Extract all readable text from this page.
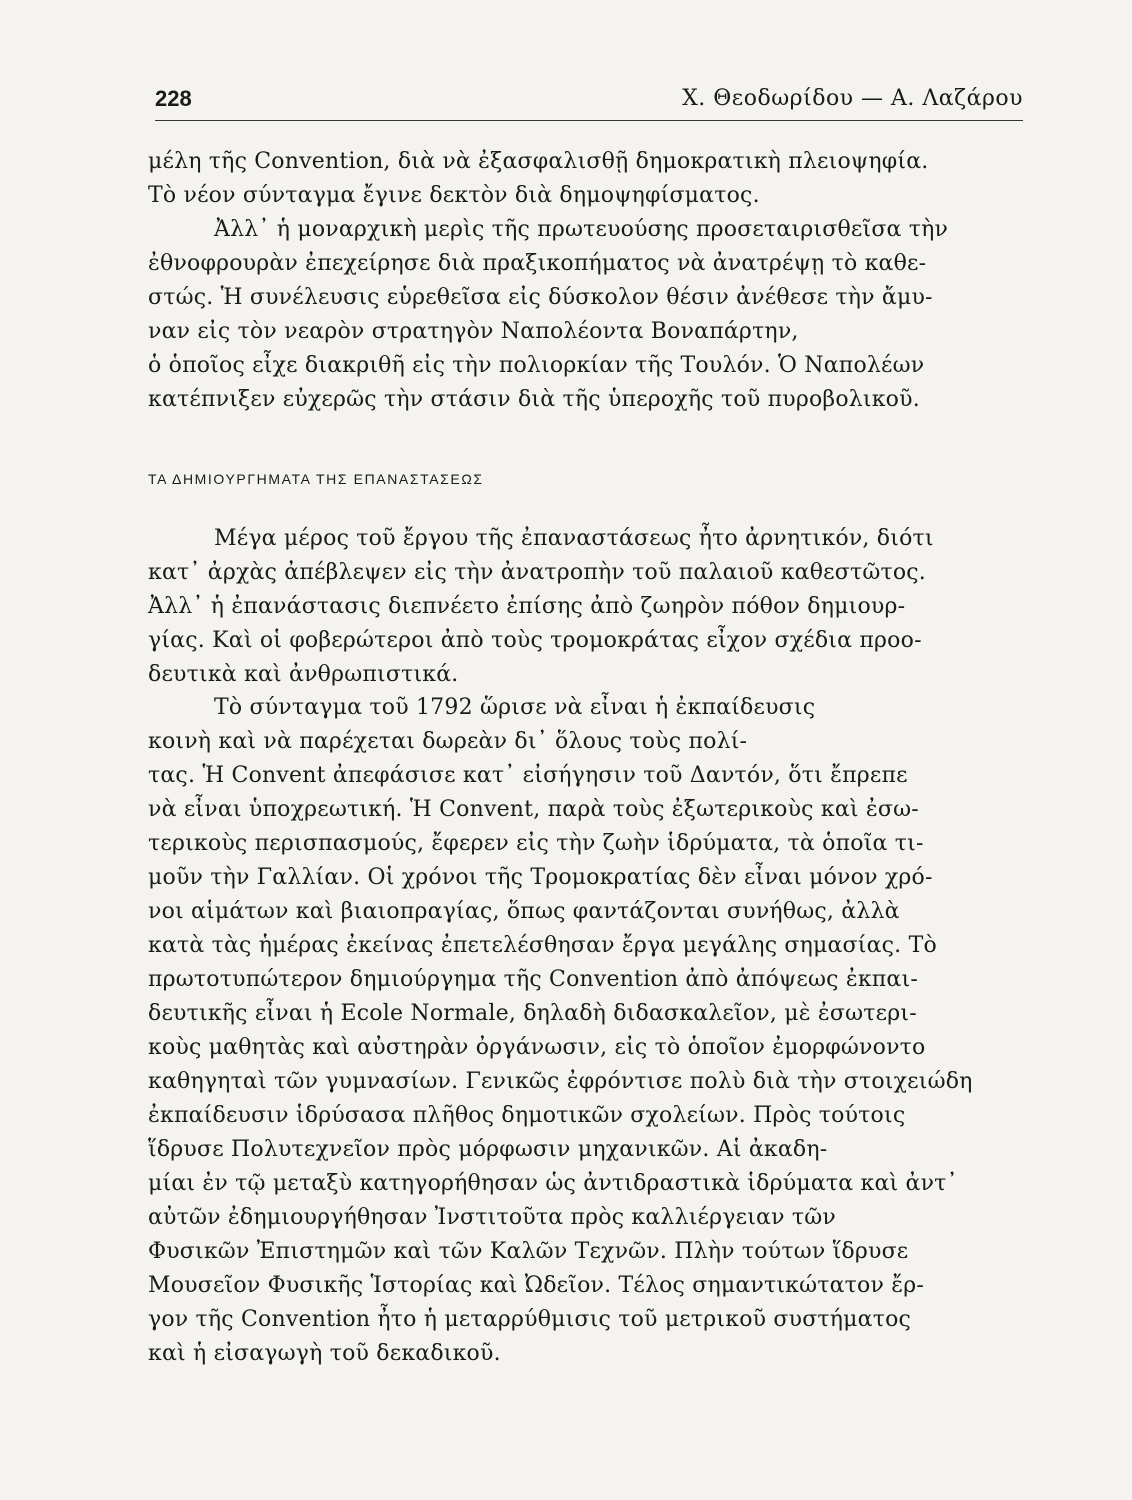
228	Χ. Θεοδωρίδου — Α. Λαζάρου
μέλη τῆς Convention, διὰ νὰ ἐξασφαλισθῇ δημοκρατικὴ πλειοψηφία.
Τὸ νέον σύνταγμα ἔγινε δεκτὸν διὰ δημοψηφίσματος.
Ἀλλ᾽ ἡ μοναρχικὴ μερὶς τῆς πρωτευούσης προσεταιρισθεῖσα τὴν
ἐθνοφρουρὰν ἐπεχείρησε διὰ πραξικοπήματος νὰ ἀνατρέψῃ τὸ καθε-
στώς. Ἡ συνέλευσις εὑρεθεῖσα εἰς δύσκολον θέσιν ἀνέθεσε τὴν ἄμυ-
ναν εἰς τὸν νεαρὸν στρατηγὸν Ναπολέοντα Βοναπάρτην,
ὁ ὁποῖος εἶχε διακριθῆ εἰς τὴν πολιορκίαν τῆς Τουλόν. Ὁ Ναπολέων
κατέπνιξεν εὐχερῶς τὴν στάσιν διὰ τῆς ὑπεροχῆς τοῦ πυροβολικοῦ.
ΤΑ ΔΗΜΙΟΥΡΓΗΜΑΤΑ ΤΗΣ ΕΠΑΝΑΣΤΑΣΕΩΣ
Μέγα μέρος τοῦ ἔργου τῆς ἐπαναστάσεως ἦτο ἀρνητικόν, διότι
κατ᾽ ἀρχὰς ἀπέβλεψεν εἰς τὴν ἀνατροπὴν τοῦ παλαιοῦ καθεστῶτος.
Ἀλλ᾽ ἡ ἐπανάστασις διεπνέετο ἐπίσης ἀπὸ ζωηρὸν πόθον δημιουρ-
γίας. Καὶ οἱ φοβερώτεροι ἀπὸ τοὺς τρομοκράτας εἶχον σχέδια προο-
δευτικὰ καὶ ἀνθρωπιστικά.
Τὸ σύνταγμα τοῦ 1792 ὥρισε νὰ εἶναι ἡ ἐκπαίδευσις
κοινὴ καὶ νὰ παρέχεται δωρεὰν δι᾽ ὅλους τοὺς πολί-
τας. Ἡ Convent ἀπεφάσισε κατ᾽ εἰσήγησιν τοῦ Δαντόν, ὅτι ἔπρεπε
νὰ εἶναι ὑποχρεωτική. Ἡ Convent, παρὰ τοὺς ἐξωτερικοὺς καὶ ἐσω-
τερικοὺς περισπασμούς, ἔφερεν εἰς τὴν ζωὴν ἱδρύματα, τὰ ὁποῖα τι-
μοῦν τὴν Γαλλίαν. Οἱ χρόνοι τῆς Τρομοκρατίας δὲν εἶναι μόνον χρό-
νοι αἱμάτων καὶ βιαιοπραγίας, ὅπως φαντάζονται συνήθως, ἀλλὰ
κατὰ τὰς ἡμέρας ἐκείνας ἐπετελέσθησαν ἔργα μεγάλης σημασίας. Τὸ
πρωτοτυπώτερον δημιούργημα τῆς Convention ἀπὸ ἀπόψεως ἐκπαι-
δευτικῆς εἶναι ἡ Ecole Normale, δηλαδὴ διδασκαλεῖον, μὲ ἐσωτερι-
κοὺς μαθητὰς καὶ αὐστηρὰν ὀργάνωσιν, εἰς τὸ ὁποῖον ἐμορφώνοντο
καθηγηταὶ τῶν γυμνασίων. Γενικῶς ἐφρόντισε πολὺ διὰ τὴν στοιχειώδη
ἐκπαίδευσιν ἱδρύσασα πλῆθος δημοτικῶν σχολείων. Πρὸς τούτοις
ἵδρυσε Πολυτεχνεῖον πρὸς μόρφωσιν μηχανικῶν. Αἱ ἀκαδη-
μίαι ἐν τῷ μεταξὺ κατηγορήθησαν ὡς ἀντιδραστικὰ ἱδρύματα καὶ ἀντ᾽
αὐτῶν ἐδημιουργήθησαν Ἰνστιτοῦτα πρὸς καλλιέργειαν τῶν
Φυσικῶν Ἐπιστημῶν καὶ τῶν Καλῶν Τεχνῶν. Πλὴν τούτων ἵδρυσε
Μουσεῖον Φυσικῆς Ἱστορίας καὶ Ὠδεῖον. Τέλος σημαντικώτατον ἔρ-
γον τῆς Convention ἦτο ἡ μεταρρύθμισις τοῦ μετρικοῦ συστήματος
καὶ ἡ εἰσαγωγὴ τοῦ δεκαδικοῦ.
